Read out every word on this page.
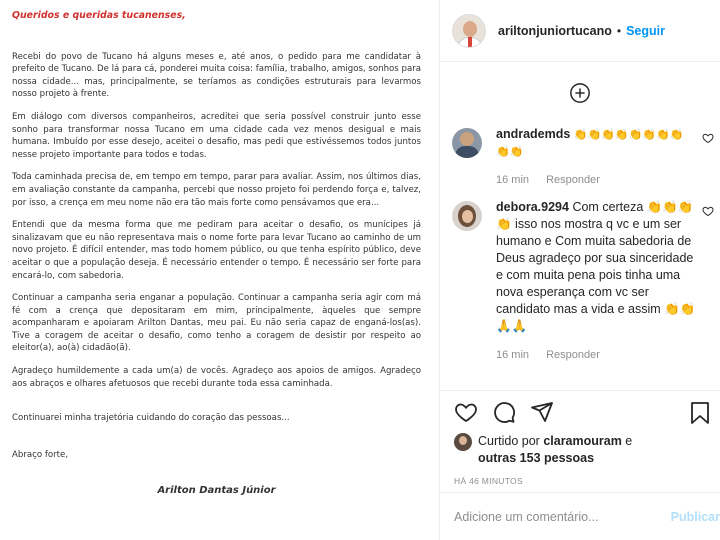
Queridos e queridas tucanenses,

Recebi do povo de Tucano há alguns meses e, até anos, o pedido para me candidatar à prefeito de Tucano. De lá para cá, ponderei muita coisa: família, trabalho, amigos, sonhos para nossa cidade... mas, principalmente, se teríamos as condições estruturais para levarmos nosso projeto à frente.

Em diálogo com diversos companheiros, acreditei que seria possível construir junto esse sonho para transformar nossa Tucano em uma cidade cada vez menos desigual e mais humana. Imbuído por esse desejo, aceitei o desafio, mas pedi que estivéssemos todos juntos nesse projeto importante para todos e todas.

Toda caminhada precisa de, em tempo em tempo, parar para avaliar. Assim, nos últimos dias, em avaliação constante da campanha, percebi que nosso projeto foi perdendo força e, talvez, por isso, a crença em meu nome não era tão mais forte como pensávamos que era...

Entendi que da mesma forma que me pediram para aceitar o desafio, os munícipes já sinalizavam que eu não representava mais o nome forte para levar Tucano ao caminho de um novo projeto. É difícil entender, mas todo homem público, ou que tenha espírito público, deve aceitar o que a população deseja. É necessário entender o tempo. É necessário ser forte para encará-lo, com sabedoria.

Continuar a campanha seria enganar a população. Continuar a campanha seria agir com má fé com a crença que depositaram em mim, principalmente, àqueles que sempre acompanharam e apoiaram Arilton Dantas, meu pai. Eu não seria capaz de enganá-los(as). Tive a coragem de aceitar o desafio, como tenho a coragem de desistir por respeito ao eleitor(a), ao(à) cidadão(ã).

Agradeço humildemente a cada um(a) de vocês. Agradeço aos apoios de amigos. Agradeço aos abraços e olhares afetuosos que recebi durante toda essa caminhada.

Continuarei minha trajetória cuidando do coração das pessoas...

Abraço forte,

Arilton Dantas Júnior
ariltonjuniortucano • Seguir
andrademds 👏👏👏👏👏👏👏👏👏👏
16 min Responder
debora.9294 Com certeza 👏👏👏👏 isso nos mostra q vc e um ser humano e Com muita sabedoria de Deus agradeço por sua sinceridade e com muita pena pois tinha uma nova esperança com vc ser candidato mas a vida e assim 👏👏🙏🙏
16 min Responder
Curtido por claramouram e
outras 153 pessoas
HÁ 46 MINUTOS
Adicione um comentário...
Publicar
